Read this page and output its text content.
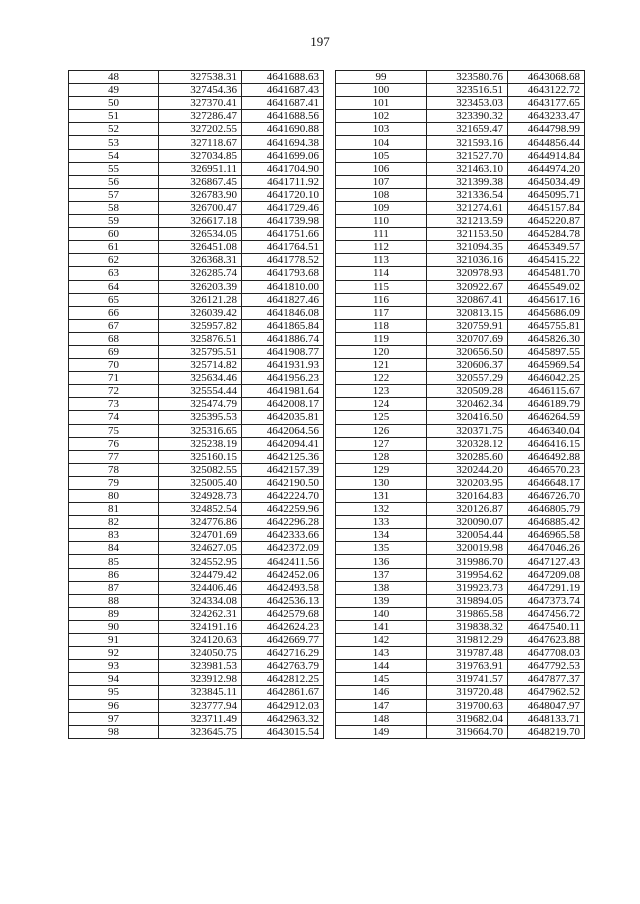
197
48	327538.31	4641688.63
49	327454.36	4641687.43
50	327370.41	4641687.41
51	327286.47	4641688.56
52	327202.55	4641690.88
53	327118.67	4641694.38
54	327034.85	4641699.06
55	326951.11	4641704.90
56	326867.45	4641711.92
57	326783.90	4641720.10
58	326700.47	4641729.46
59	326617.18	4641739.98
60	326534.05	4641751.66
61	326451.08	4641764.51
62	326368.31	4641778.52
63	326285.74	4641793.68
64	326203.39	4641810.00
65	326121.28	4641827.46
66	326039.42	4641846.08
67	325957.82	4641865.84
68	325876.51	4641886.74
69	325795.51	4641908.77
70	325714.82	4641931.93
71	325634.46	4641956.23
72	325554.44	4641981.64
73	325474.79	4642008.17
74	325395.53	4642035.81
75	325316.65	4642064.56
76	325238.19	4642094.41
77	325160.15	4642125.36
78	325082.55	4642157.39
79	325005.40	4642190.50
80	324928.73	4642224.70
81	324852.54	4642259.96
82	324776.86	4642296.28
83	324701.69	4642333.66
84	324627.05	4642372.09
85	324552.95	4642411.56
86	324479.42	4642452.06
87	324406.46	4642493.58
88	324334.08	4642536.13
89	324262.31	4642579.68
90	324191.16	4642624.23
91	324120.63	4642669.77
92	324050.75	4642716.29
93	323981.53	4642763.79
94	323912.98	4642812.25
95	323845.11	4642861.67
96	323777.94	4642912.03
97	323711.49	4642963.32
98	323645.75	4643015.54
99	323580.76	4643068.68
100	323516.51	4643122.72
101	323453.03	4643177.65
102	323390.32	4643233.47
103	321659.47	4644798.99
104	321593.16	4644856.44
105	321527.70	4644914.84
106	321463.10	4644974.20
107	321399.38	4645034.49
108	321336.54	4645095.71
109	321274.61	4645157.84
110	321213.59	4645220.87
111	321153.50	4645284.78
112	321094.35	4645349.57
113	321036.16	4645415.22
114	320978.93	4645481.70
115	320922.67	4645549.02
116	320867.41	4645617.16
117	320813.15	4645686.09
118	320759.91	4645755.81
119	320707.69	4645826.30
120	320656.50	4645897.55
121	320606.37	4645969.54
122	320557.29	4646042.25
123	320509.28	4646115.67
124	320462.34	4646189.79
125	320416.50	4646264.59
126	320371.75	4646340.04
127	320328.12	4646416.15
128	320285.60	4646492.88
129	320244.20	4646570.23
130	320203.95	4646648.17
131	320164.83	4646726.70
132	320126.87	4646805.79
133	320090.07	4646885.42
134	320054.44	4646965.58
135	320019.98	4647046.26
136	319986.70	4647127.43
137	319954.62	4647209.08
138	319923.73	4647291.19
139	319894.05	4647373.74
140	319865.58	4647456.72
141	319838.32	4647540.11
142	319812.29	4647623.88
143	319787.48	4647708.03
144	319763.91	4647792.53
145	319741.57	4647877.37
146	319720.48	4647962.52
147	319700.63	4648047.97
148	319682.04	4648133.71
149	319664.70	4648219.70
